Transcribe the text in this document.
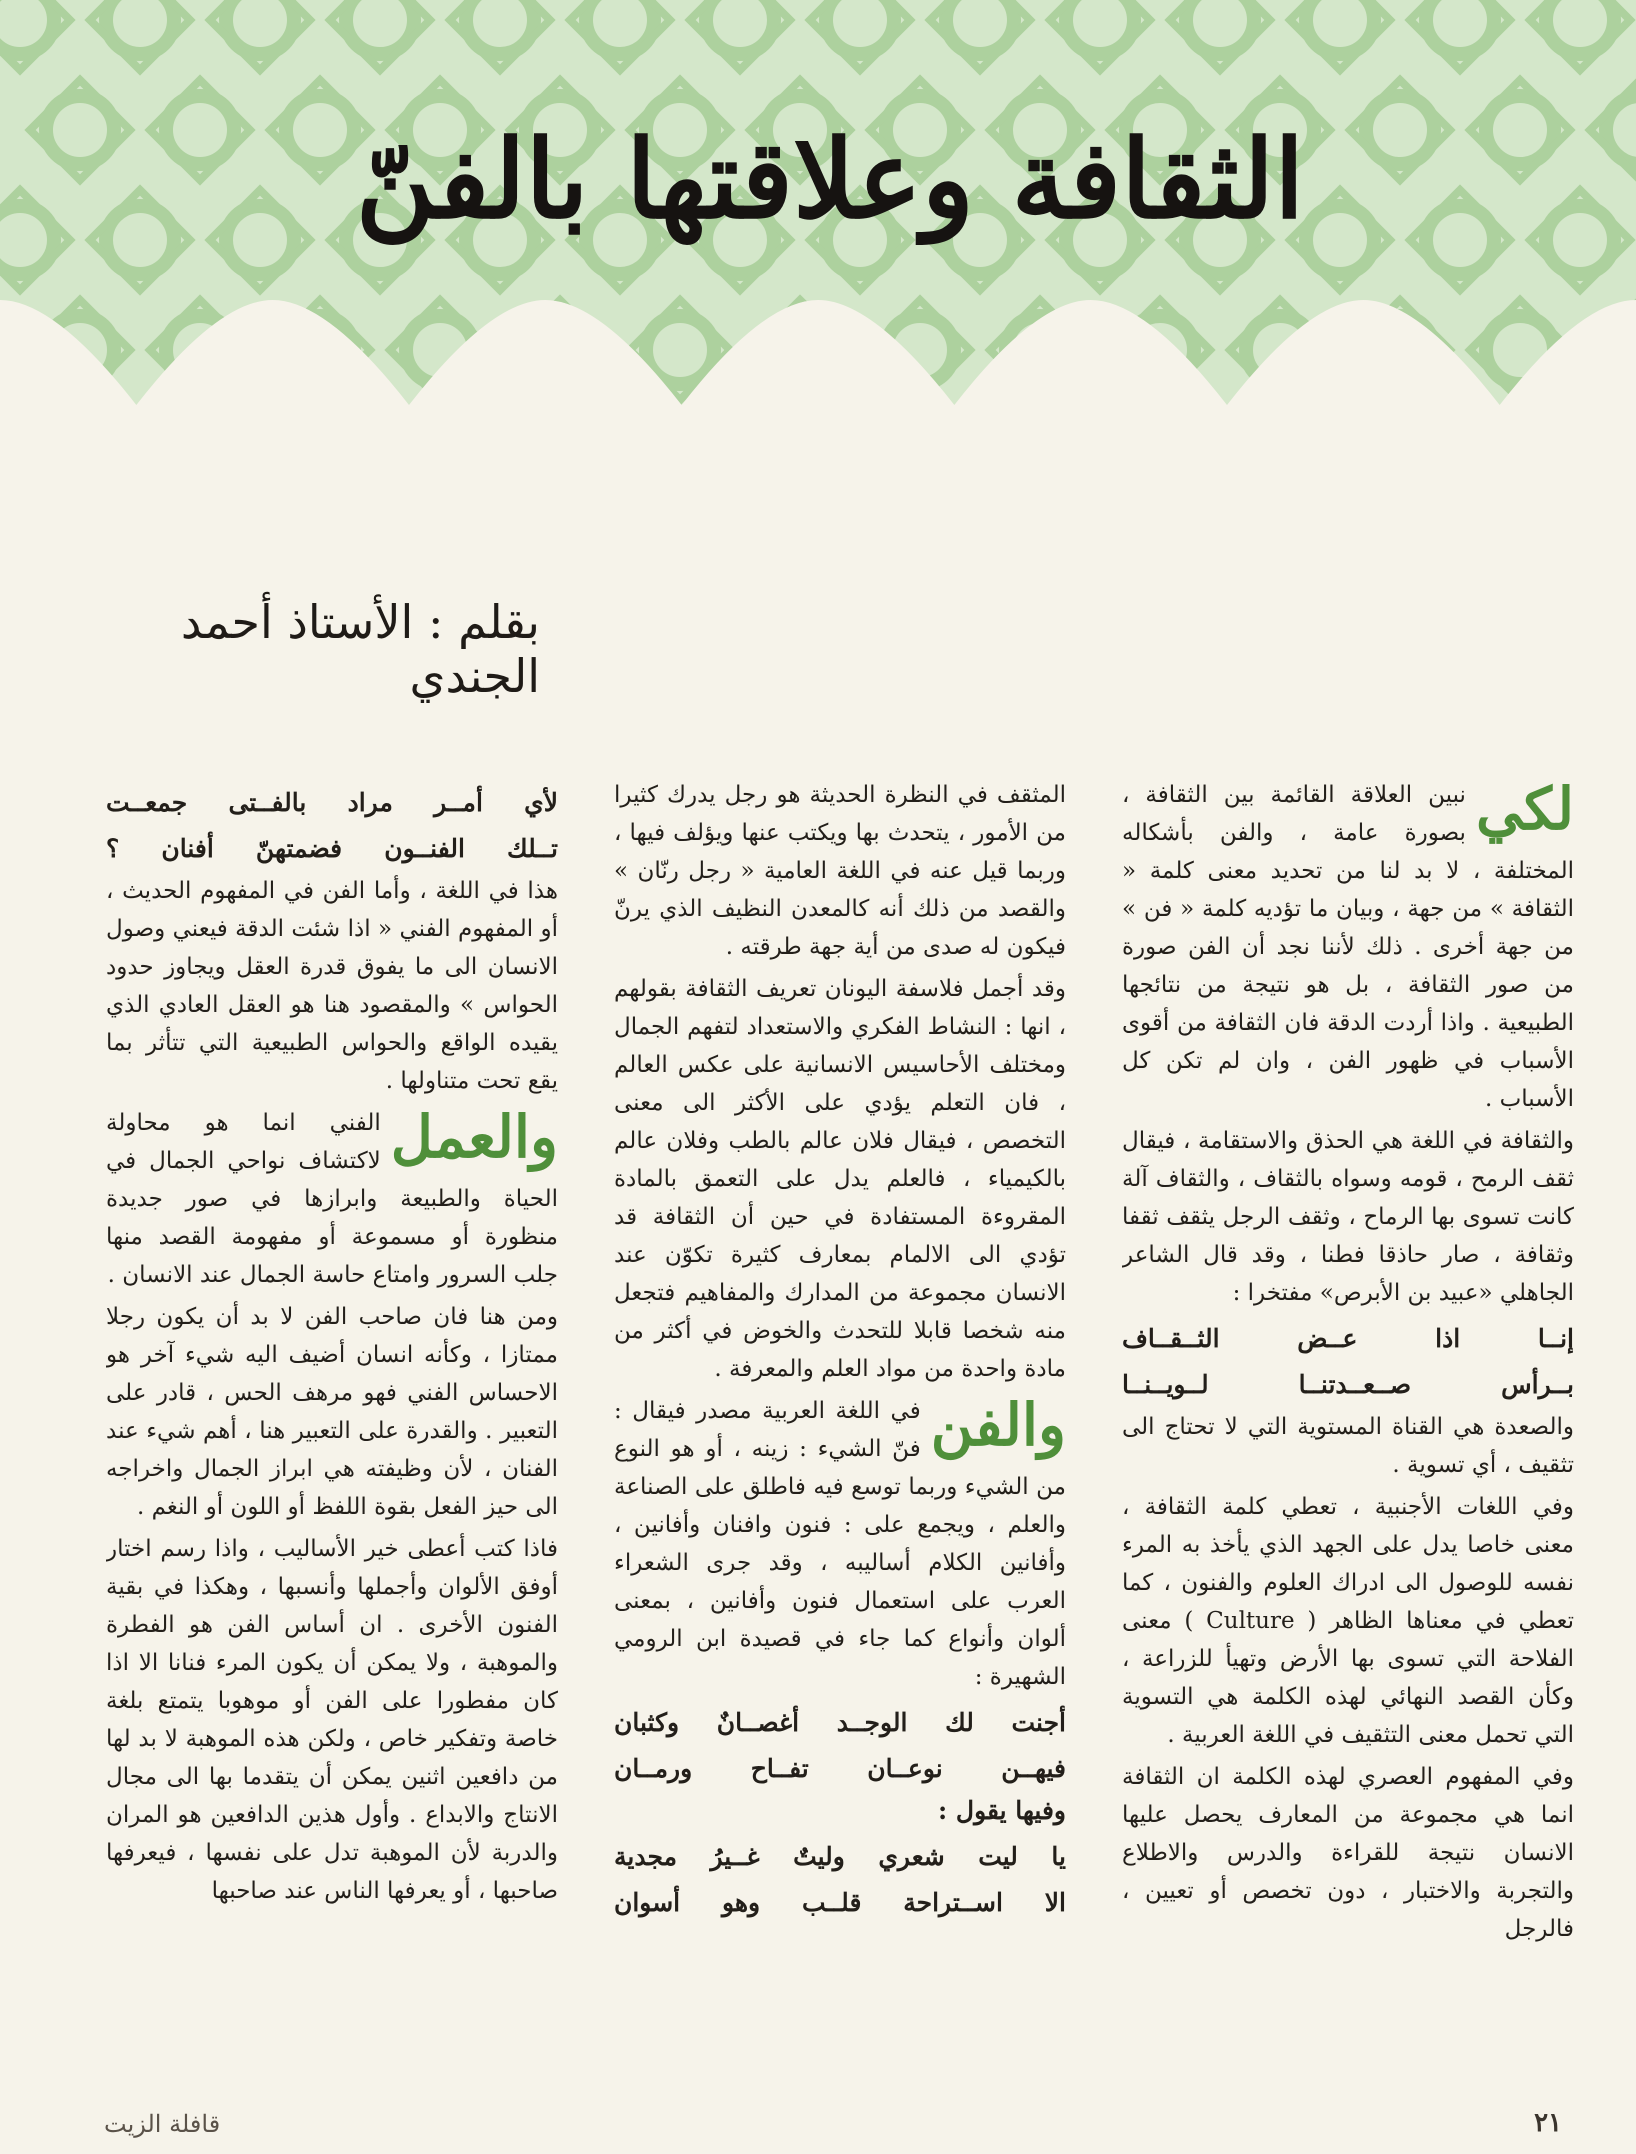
الثقافة وعلاقتها بالفنّ
بقلم : الأستاذ أحمد الجندي

لكي
نبين العلاقة القائمة بين الثقافة ، بصورة عامة ، والفن بأشكاله المختلفة ، لا بد لنا من تحديد معنى كلمة « الثقافة » من جهة ، وبيان ما تؤديه كلمة « فن » من جهة أخرى . ذلك لأننا نجد أن الفن صورة من صور الثقافة ، بل هو نتيجة من نتائجها الطبيعية . واذا أردت الدقة فان الثقافة من أقوى الأسباب في ظهور الفن ، وان لم تكن كل الأسباب .

والثقافة في اللغة هي الحذق والاستقامة ، فيقال ثقف الرمح ، قومه وسواه بالثقاف ، والثقاف آلة كانت تسوى بها الرماح ، وثقف الرجل يثقف ثقفا وثقافة ، صار حاذقا فطنا ، وقد قال الشاعر الجاهلي «عبيد بن الأبرص» مفتخرا :

إنــا اذا عــض الثــقــاف
بــرأس صــعــدتنــا لــويــنــا

والصعدة هي القناة المستوية التي لا تحتاج الى تثقيف ، أي تسوية .

وفي اللغات الأجنبية ، تعطي كلمة الثقافة ، معنى خاصا يدل على الجهد الذي يأخذ به المرء نفسه للوصول الى ادراك العلوم والفنون ، كما تعطي في معناها الظاهر ( Culture ) معنى الفلاحة التي تسوى بها الأرض وتهيأ للزراعة ، وكأن القصد النهائي لهذه الكلمة هي التسوية التي تحمل معنى التثقيف في اللغة العربية .

وفي المفهوم العصري لهذه الكلمة ان الثقافة انما هي مجموعة من المعارف يحصل عليها الانسان نتيجة للقراءة والدرس والاطلاع والتجربة والاختبار ، دون تخصص أو تعيين ، فالرجل

المثقف في النظرة الحديثة هو رجل يدرك كثيرا من الأمور ، يتحدث بها ويكتب عنها ويؤلف فيها ، وربما قيل عنه في اللغة العامية « رجل رنّان » والقصد من ذلك أنه كالمعدن النظيف الذي يرنّ فيكون له صدى من أية جهة طرقته .

وقد أجمل فلاسفة اليونان تعريف الثقافة بقولهم ، انها : النشاط الفكري والاستعداد لتفهم الجمال ومختلف الأحاسيس الانسانية على عكس العالم ، فان التعلم يؤدي على الأكثر الى معنى التخصص ، فيقال فلان عالم بالطب وفلان عالم بالكيمياء ، فالعلم يدل على التعمق بالمادة المقروءة المستفادة في حين أن الثقافة قد تؤدي الى الالمام بمعارف كثيرة تكوّن عند الانسان مجموعة من المدارك والمفاهيم فتجعل منه شخصا قابلا للتحدث والخوض في أكثر من مادة واحدة من مواد العلم والمعرفة .

والفن
في اللغة العربية مصدر فيقال : فنّ الشيء : زينه ، أو هو النوع من الشيء وربما توسع فيه فاطلق على الصناعة والعلم ، ويجمع على : فنون وافنان وأفانين ، وأفانين الكلام أساليبه ، وقد جرى الشعراء العرب على استعمال فنون وأفانين ، بمعنى ألوان وأنواع كما جاء في قصيدة ابن الرومي الشهيرة :

أجنت لك الوجــد أغصــانٌ وكثبان
فيهــن نوعــان تفــاح ورمــان
وفيها يقول :
يا ليت شعري وليتٌ غــيرُ مجدية
الا اســتراحة قلــب وهو أسوان
لأي أمــر مراد بالفــتى جمعــت
تــلك الفنــون فضمتهنّ أفنان ؟

هذا في اللغة ، وأما الفن في المفهوم الحديث ، أو المفهوم الفني « اذا شئت الدقة فيعني وصول الانسان الى ما يفوق قدرة العقل ويجاوز حدود الحواس » والمقصود هنا هو العقل العادي الذي يقيده الواقع والحواس الطبيعية التي تتأثر بما يقع تحت متناولها .

والعمل
الفني انما هو محاولة لاكتشاف نواحي الجمال في الحياة والطبيعة وابرازها في صور جديدة منظورة أو مسموعة أو مفهومة القصد منها جلب السرور وامتاع حاسة الجمال عند الانسان .

ومن هنا فان صاحب الفن لا بد أن يكون رجلا ممتازا ، وكأنه انسان أضيف اليه شيء آخر هو الاحساس الفني فهو مرهف الحس ، قادر على التعبير . والقدرة على التعبير هنا ، أهم شيء عند الفنان ، لأن وظيفته هي ابراز الجمال واخراجه الى حيز الفعل بقوة اللفظ أو اللون أو النغم .

فاذا كتب أعطى خير الأساليب ، واذا رسم اختار أوفق الألوان وأجملها وأنسبها ، وهكذا في بقية الفنون الأخرى . ان أساس الفن هو الفطرة والموهبة ، ولا يمكن أن يكون المرء فنانا الا اذا كان مفطورا على الفن أو موهوبا يتمتع بلغة خاصة وتفكير خاص ، ولكن هذه الموهبة لا بد لها من دافعين اثنين يمكن أن يتقدما بها الى مجال الانتاج والابداع . وأول هذين الدافعين هو المران والدربة لأن الموهبة تدل على نفسها ، فيعرفها صاحبها ، أو يعرفها الناس عند صاحبها

٢١
قافلة الزيت
